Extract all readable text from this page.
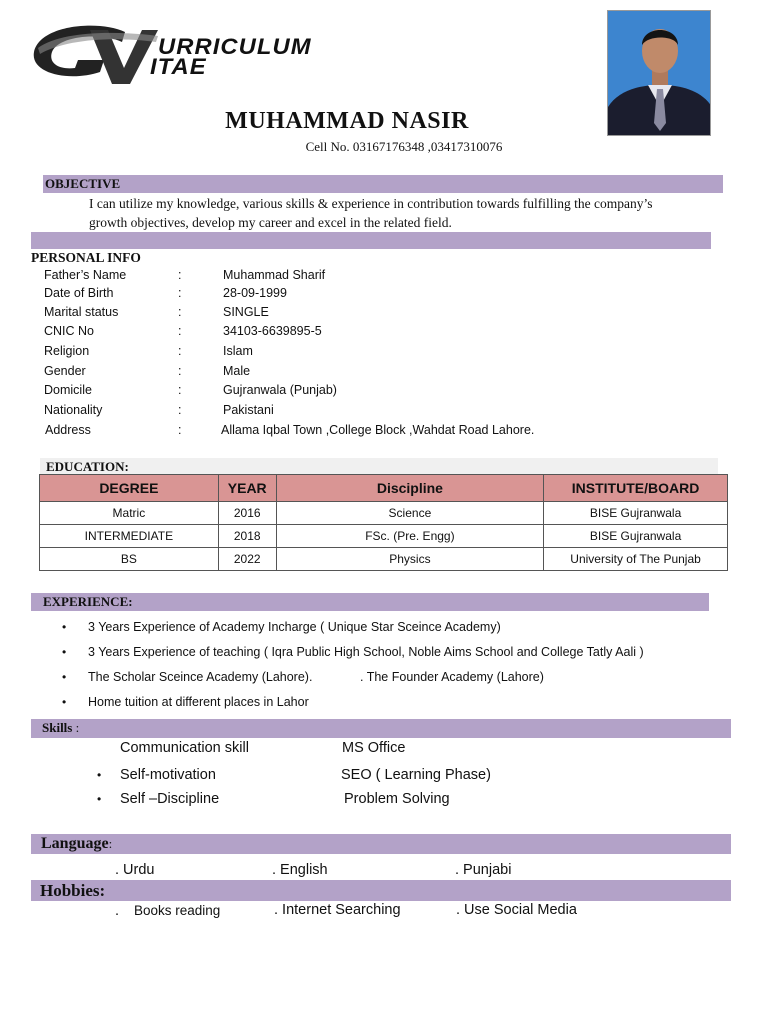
URRICULUM
ITAE
MUHAMMAD NASIR
Cell No. 03167176348 ,03417310076
OBJECTIVE
I can utilize my knowledge, various skills & experience in contribution towards fulfilling the company’s
growth objectives, develop my career and excel in the related field.
PERSONAL INFO
Father’s Name	:	Muhammad Sharif
Date of Birth	:	28-09-1999
Marital status	:	SINGLE
CNIC No	:	34103-6639895-5
Religion	:	Islam
Gender	:	Male
Domicile	:	Gujranwala (Punjab)
Nationality	:	Pakistani
Address	:	Allama Iqbal Town ,College Block ,Wahdat Road Lahore.
EDUCATION:
DEGREE	YEAR	Discipline	INSTITUTE/BOARD
Matric	2016	Science	BISE Gujranwala
INTERMEDIATE	2018	FSc. (Pre. Engg)	BISE Gujranwala
BS	2022	Physics	University of The Punjab
EXPERIENCE:
• 3 Years Experience of Academy Incharge ( Unique Star Sceince Academy)
• 3 Years Experience of teaching ( Iqra Public High School, Noble Aims School and College Tatly Aali )
• The Scholar Sceince Academy (Lahore).	. The Founder Academy (Lahore)
• Home tuition at different places in Lahor
Skills :
Communication skill	MS Office
• Self-motivation	SEO ( Learning Phase)
• Self –Discipline	Problem Solving
Language:
. Urdu	. English	. Punjabi
Hobbies:
. Books reading	. Internet Searching	. Use Social Media
